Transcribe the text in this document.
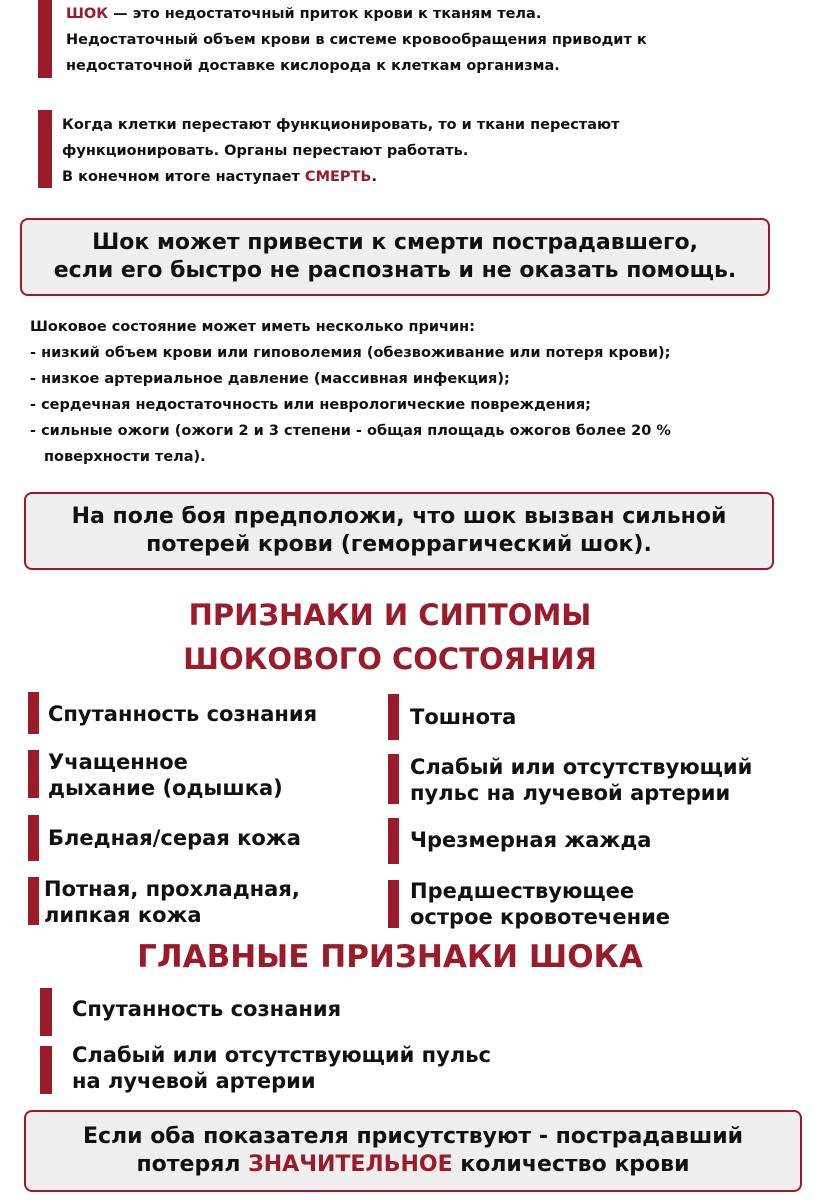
ШОК — это недостаточный приток крови к тканям тела.
Недостаточный объем крови в системе кровообращения приводит к
недостаточной доставке кислорода к клеткам организма.
Когда клетки перестают функционировать, то и ткани перестают
функционировать. Органы перестают работать.
В конечном итоге наступает СМЕРТЬ.
Шок может привести к смерти пострадавшего,
если его быстро не распознать и не оказать помощь.
Шоковое состояние может иметь несколько причин:
- низкий объем крови или гиповолемия (обезвоживание или потеря крови);
- низкое артериальное давление (массивная инфекция);
- сердечная недостаточность или неврологические повреждения;
- сильные ожоги (ожоги 2 и 3 степени - общая площадь ожогов более 20 %
поверхности тела).
На поле боя предположи, что шок вызван сильной
потерей крови (геморрагический шок).
ПРИЗНАКИ И СИПТОМЫ
ШОКОВОГО СОСТОЯНИЯ
Спутанность сознания
Учащенное
дыхание (одышка)
Бледная/серая кожа
Потная, прохладная,
липкая кожа
Тошнота
Слабый или отсутствующий
пульс на лучевой артерии
Чрезмерная жажда
Предшествующее
острое кровотечение
ГЛАВНЫЕ ПРИЗНАКИ ШОКА
Спутанность сознания
Слабый или отсутствующий пульс
на лучевой артерии
Если оба показателя присутствуют - пострадавший
потерял ЗНАЧИТЕЛЬНОЕ количество крови
